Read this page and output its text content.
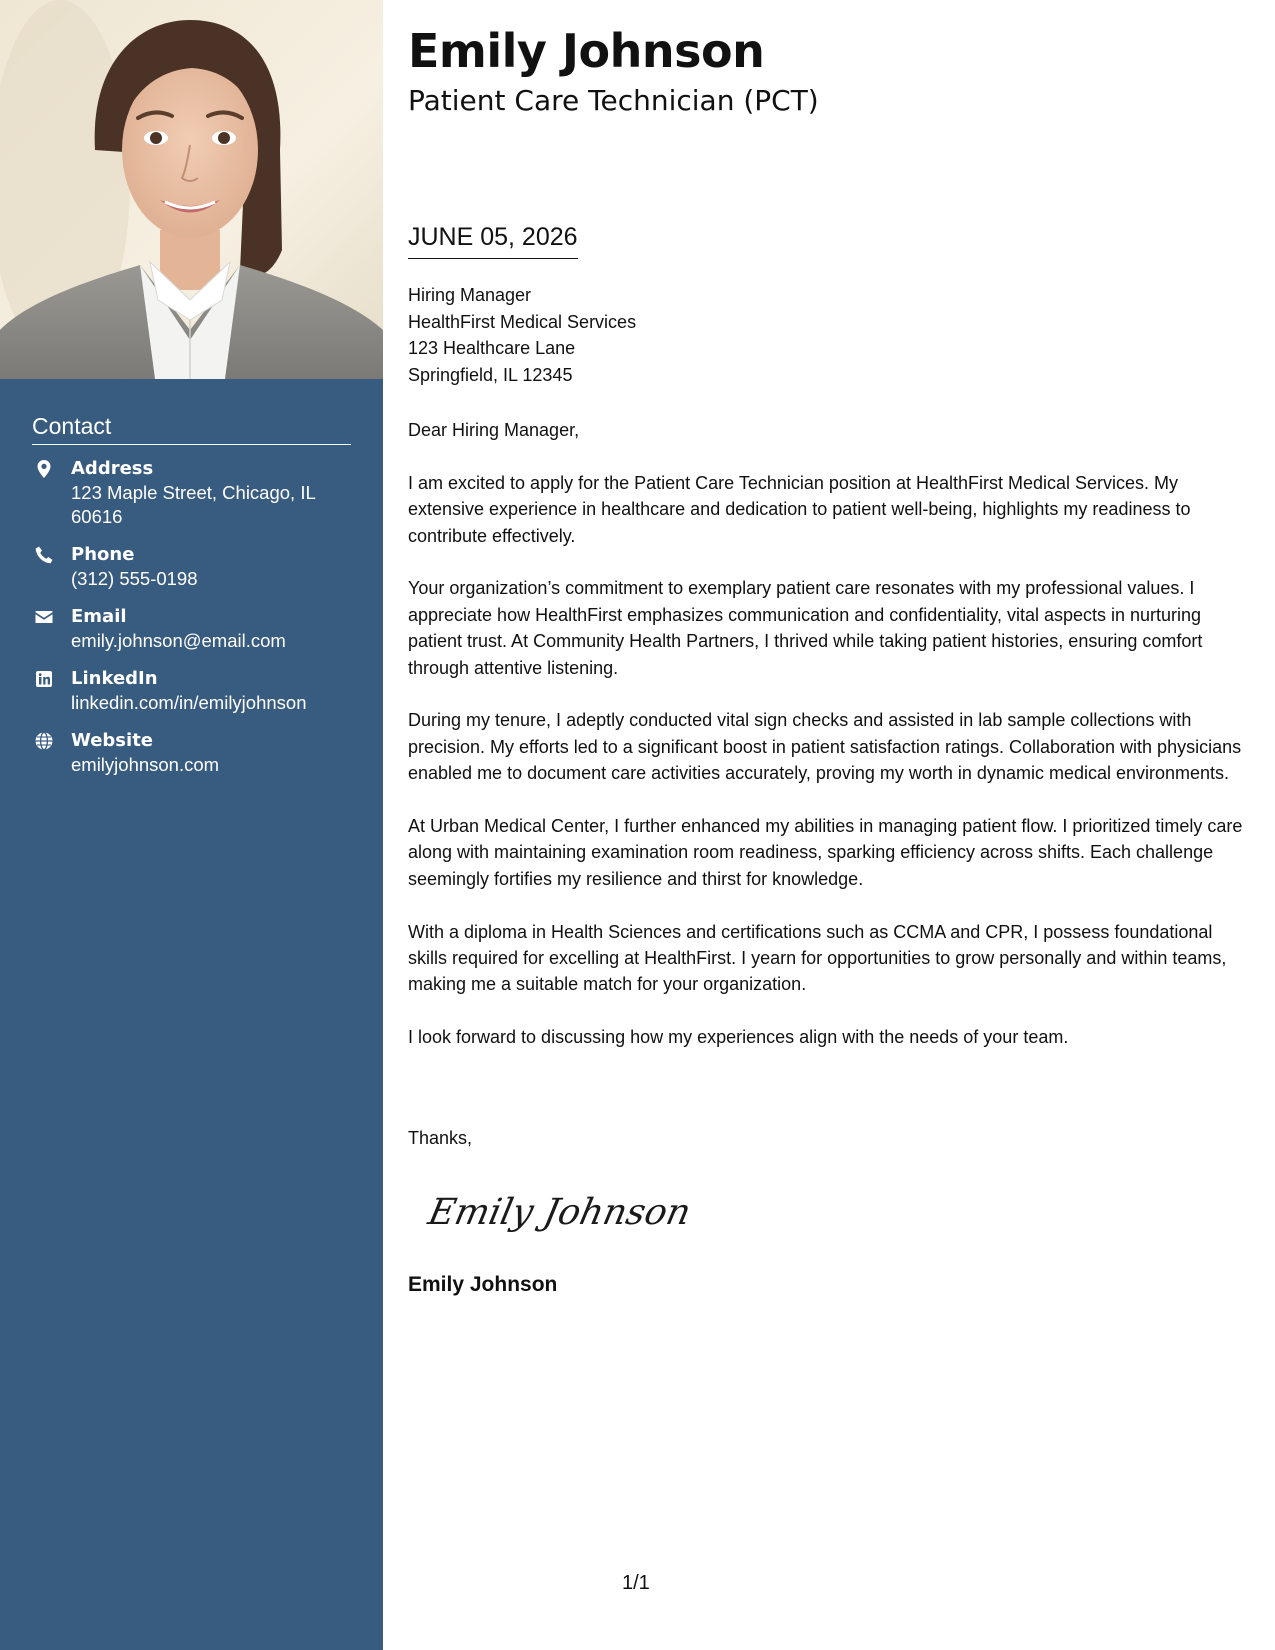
Contact
Address
123 Maple Street, Chicago, IL 60616
Phone
(312) 555-0198
Email
emily.johnson@email.com
LinkedIn
linkedin.com/in/emilyjohnson
Website
emilyjohnson.com
Emily Johnson
Patient Care Technician (PCT)
JUNE 05, 2026
Hiring Manager
HealthFirst Medical Services
123 Healthcare Lane
Springfield, IL 12345

Dear Hiring Manager,

I am excited to apply for the Patient Care Technician position at HealthFirst Medical Services. My extensive experience in healthcare and dedication to patient well-being, highlights my readiness to contribute effectively.

Your organization’s commitment to exemplary patient care resonates with my professional values. I appreciate how HealthFirst emphasizes communication and confidentiality, vital aspects in nurturing patient trust. At Community Health Partners, I thrived while taking patient histories, ensuring comfort through attentive listening.

During my tenure, I adeptly conducted vital sign checks and assisted in lab sample collections with precision. My efforts led to a significant boost in patient satisfaction ratings. Collaboration with physicians enabled me to document care activities accurately, proving my worth in dynamic medical environments.

At Urban Medical Center, I further enhanced my abilities in managing patient flow. I prioritized timely care along with maintaining examination room readiness, sparking efficiency across shifts. Each challenge seemingly fortifies my resilience and thirst for knowledge.

With a diploma in Health Sciences and certifications such as CCMA and CPR, I possess foundational skills required for excelling at HealthFirst. I yearn for opportunities to grow personally and within teams, making me a suitable match for your organization.

I look forward to discussing how my experiences align with the needs of your team.

Thanks,
Emily Johnson
Emily Johnson
1/1
